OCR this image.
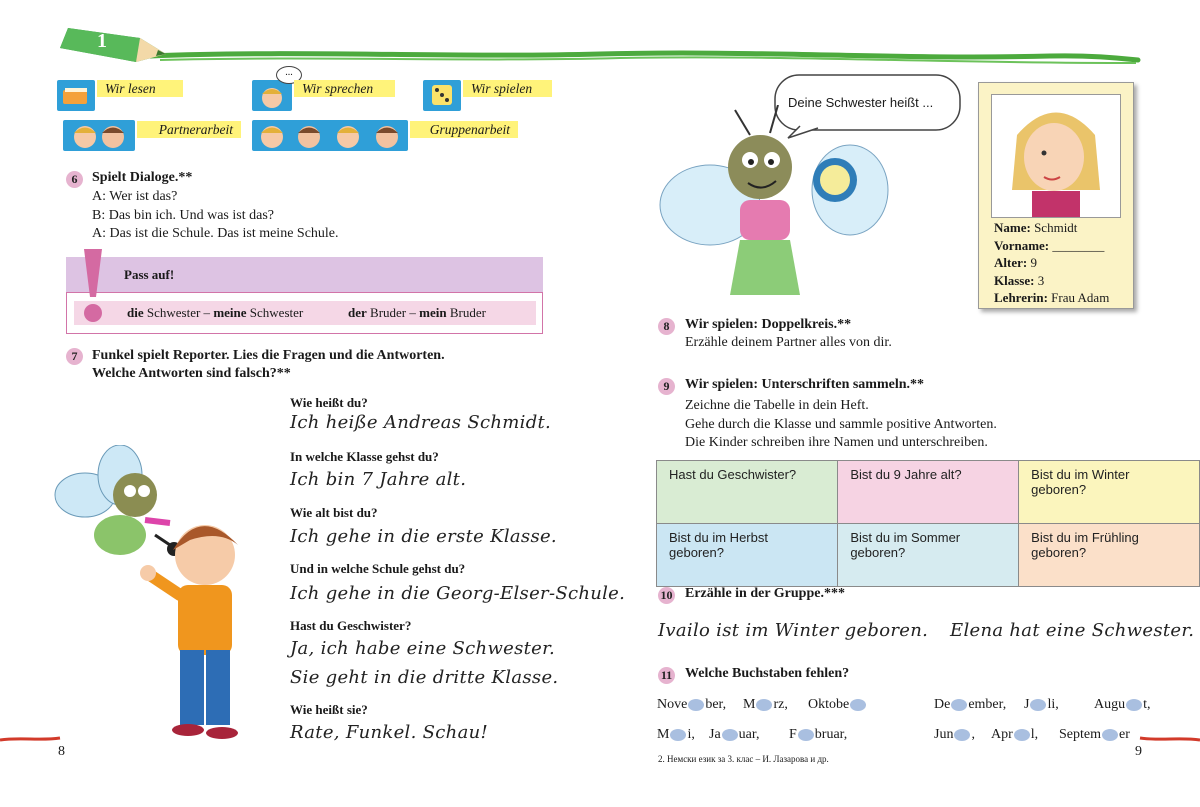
1
Wir lesen
...
Wir sprechen	Wir spielen
Partnerarbeit	Gruppenarbeit
6	Spielt Dialoge.**
A: Wer ist das?
B: Das bin ich. Und was ist das?
A: Das ist die Schule. Das ist meine Schule.
Pass auf!
die Schwester – meine Schwester	der Bruder – mein Bruder
7	Funkel spielt Reporter. Lies die Fragen und die Antworten.
Welche Antworten sind falsch?**
Wie heißt du?
Ich heiße Andreas Schmidt.
In welche Klasse gehst du?
Ich bin 7 Jahre alt.
Wie alt bist du?
Ich gehe in die erste Klasse.
Und in welche Schule gehst du?
Ich gehe in die Georg-Elser-Schule.
Hast du Geschwister?
Ja, ich habe eine Schwester.
Sie geht in die dritte Klasse.
Wie heißt sie?
Rate, Funkel. Schau!
Deine Schwester heißt ...
Name: Schmidt
Vorname: ________
Alter: 9
Klasse: 3
Lehrerin: Frau Adam
8	Wir spielen: Doppelkreis.**
Erzähle deinem Partner alles von dir.
9	Wir spielen: Unterschriften sammeln.**
Zeichne die Tabelle in dein Heft.
Gehe durch die Klasse und sammle positive Antworten.
Die Kinder schreiben ihre Namen und unterschreiben.
Hast du Geschwister?	Bist du 9 Jahre alt?	Bist du im Winter geboren?
Bist du im Herbst geboren?	Bist du im Sommer geboren?	Bist du im Frühling geboren?
10 Erzähle in der Gruppe.***
Ivailo ist im Winter geboren. Elena hat eine Schwester.
11 Welche Buchstaben fehlen?
Nove ber, M rz, Oktobe	De ember, J li,	Augu t,
M i, Ja uar, F bruar,	Jun , Apr l, Septem er
8	9
2. Немски език за 3. клас – И. Лазарова и др.
